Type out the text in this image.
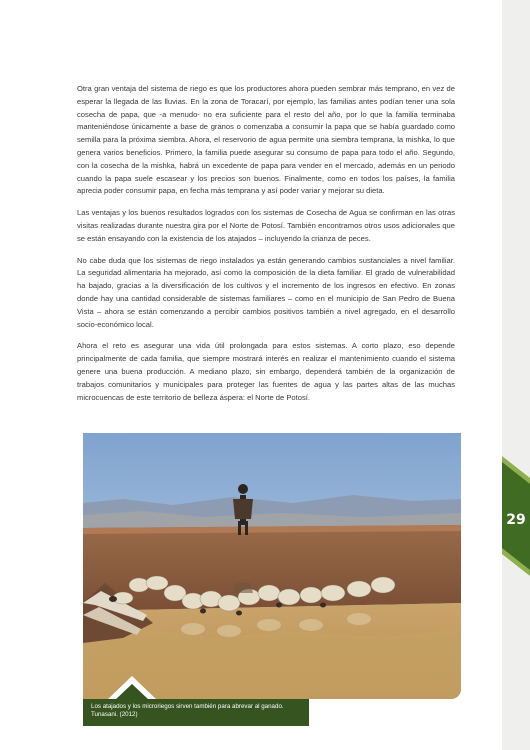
29

Otra gran ventaja del sistema de riego es que los productores ahora pueden sembrar más temprano, en vez de esperar la llegada de las lluvias. En la zona de Toracarí, por ejemplo, las familias antes podían tener una sola cosecha de papa, que -a menudo- no era suficiente para el resto del año, por lo que la familia terminaba manteniéndose únicamente a base de granos o comenzaba a consumir la papa que se había guardado como semilla para la próxima siembra. Ahora, el reservorio de agua permite una siembra temprana, la mishka, lo que genera varios beneficios. Primero, la familia puede asegurar su consumo de papa para todo el año. Segundo, con la cosecha de la mishka, habrá un excedente de papa para vender en el mercado, además en un periodo cuando la papa suele escasear y los precios son buenos. Finalmente, como en todos los países, la familia aprecia poder consumir papa, en fecha más temprana y así poder variar y mejorar su dieta.

Las ventajas y los buenos resultados logrados con los sistemas de Cosecha de Agua se confirman en las otras visitas realizadas durante nuestra gira por el Norte de Potosí. También encontramos otros usos adicionales que se están ensayando con la existencia de los atajados – incluyendo la crianza de peces.

No cabe duda que los sistemas de riego instalados ya están generando cambios sustanciales a nivel familiar. La seguridad alimentaria ha mejorado, así como la composición de la dieta familiar. El grado de vulnerabilidad ha bajado, gracias a la diversificación de los cultivos y el incremento de los ingresos en efectivo. En zonas donde hay una cantidad considerable de sistemas familiares – como en el municipio de San Pedro de Buena Vista – ahora se están comenzando a percibir cambios positivos también a nivel agregado, en el desarrollo socio-económico local.

Ahora el reto es asegurar una vida útil prolongada para estos sistemas. A corto plazo, eso depende principalmente de cada familia, que siempre mostrará interés en realizar el mantenimiento cuando el sistema genere una buena producción. A mediano plazo, sin embargo, dependerá también de la organización de trabajos comunitarios y municipales para proteger las fuentes de agua y las partes altas de las muchas microcuencas de este territorio de belleza áspera: el Norte de Potosí.

Los atajados y los microriegos sirven también para abrevar al ganado. Tunasani. (2012)
